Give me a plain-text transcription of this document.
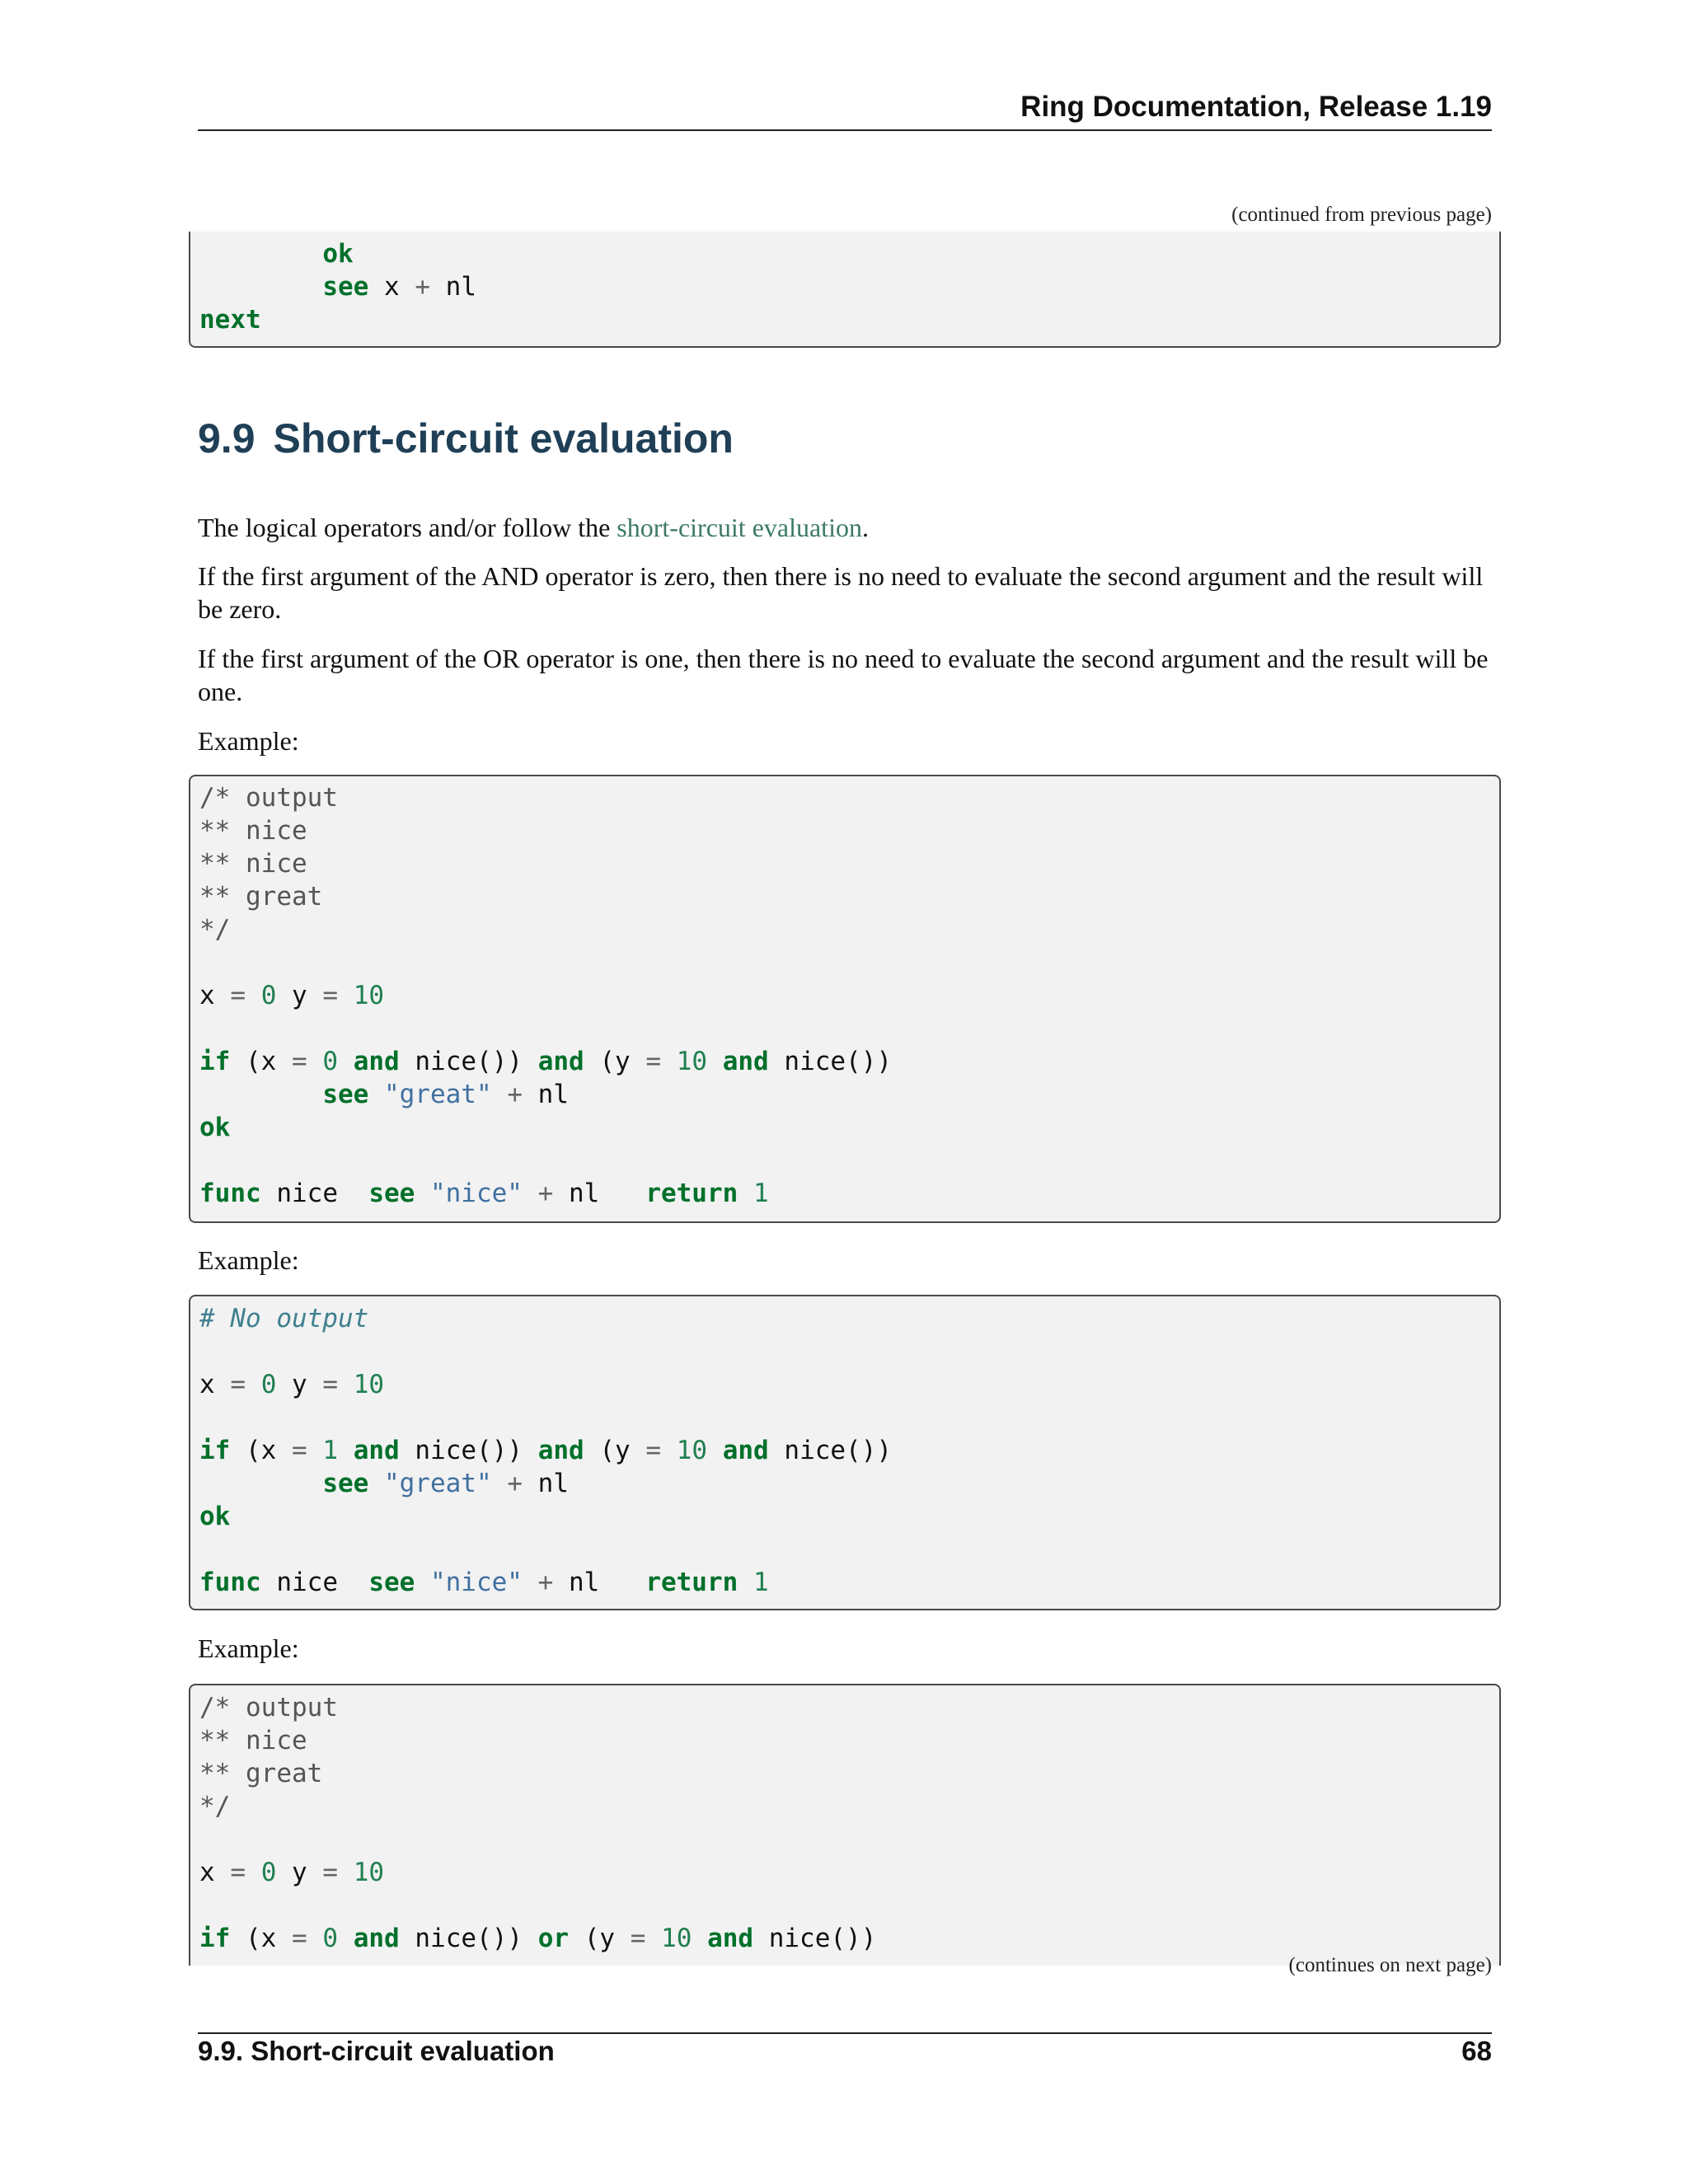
Ring Documentation, Release 1.19
(continued from previous page)
ok
see x + nl
next
9.9 Short-circuit evaluation

The logical operators and/or follow the short-circuit evaluation.

If the first argument of the AND operator is zero, then there is no need to evaluate the second argument and the result will be zero.

If the first argument of the OR operator is one, then there is no need to evaluate the second argument and the result will be one.

Example:

/* output
** nice
** nice
** great
*/
x = 0 y = 10
if (x = 0 and nice()) and (y = 10 and nice())
see "great" + nl
ok
func nice see "nice" + nl return 1

Example:

# No output
x = 0 y = 10
if (x = 1 and nice()) and (y = 10 and nice())
see "great" + nl
ok
func nice see "nice" + nl return 1

Example:

/* output
** nice
** great
*/
x = 0 y = 10
if (x = 0 and nice()) or (y = 10 and nice())
(continues on next page)
9.9. Short-circuit evaluation	68
